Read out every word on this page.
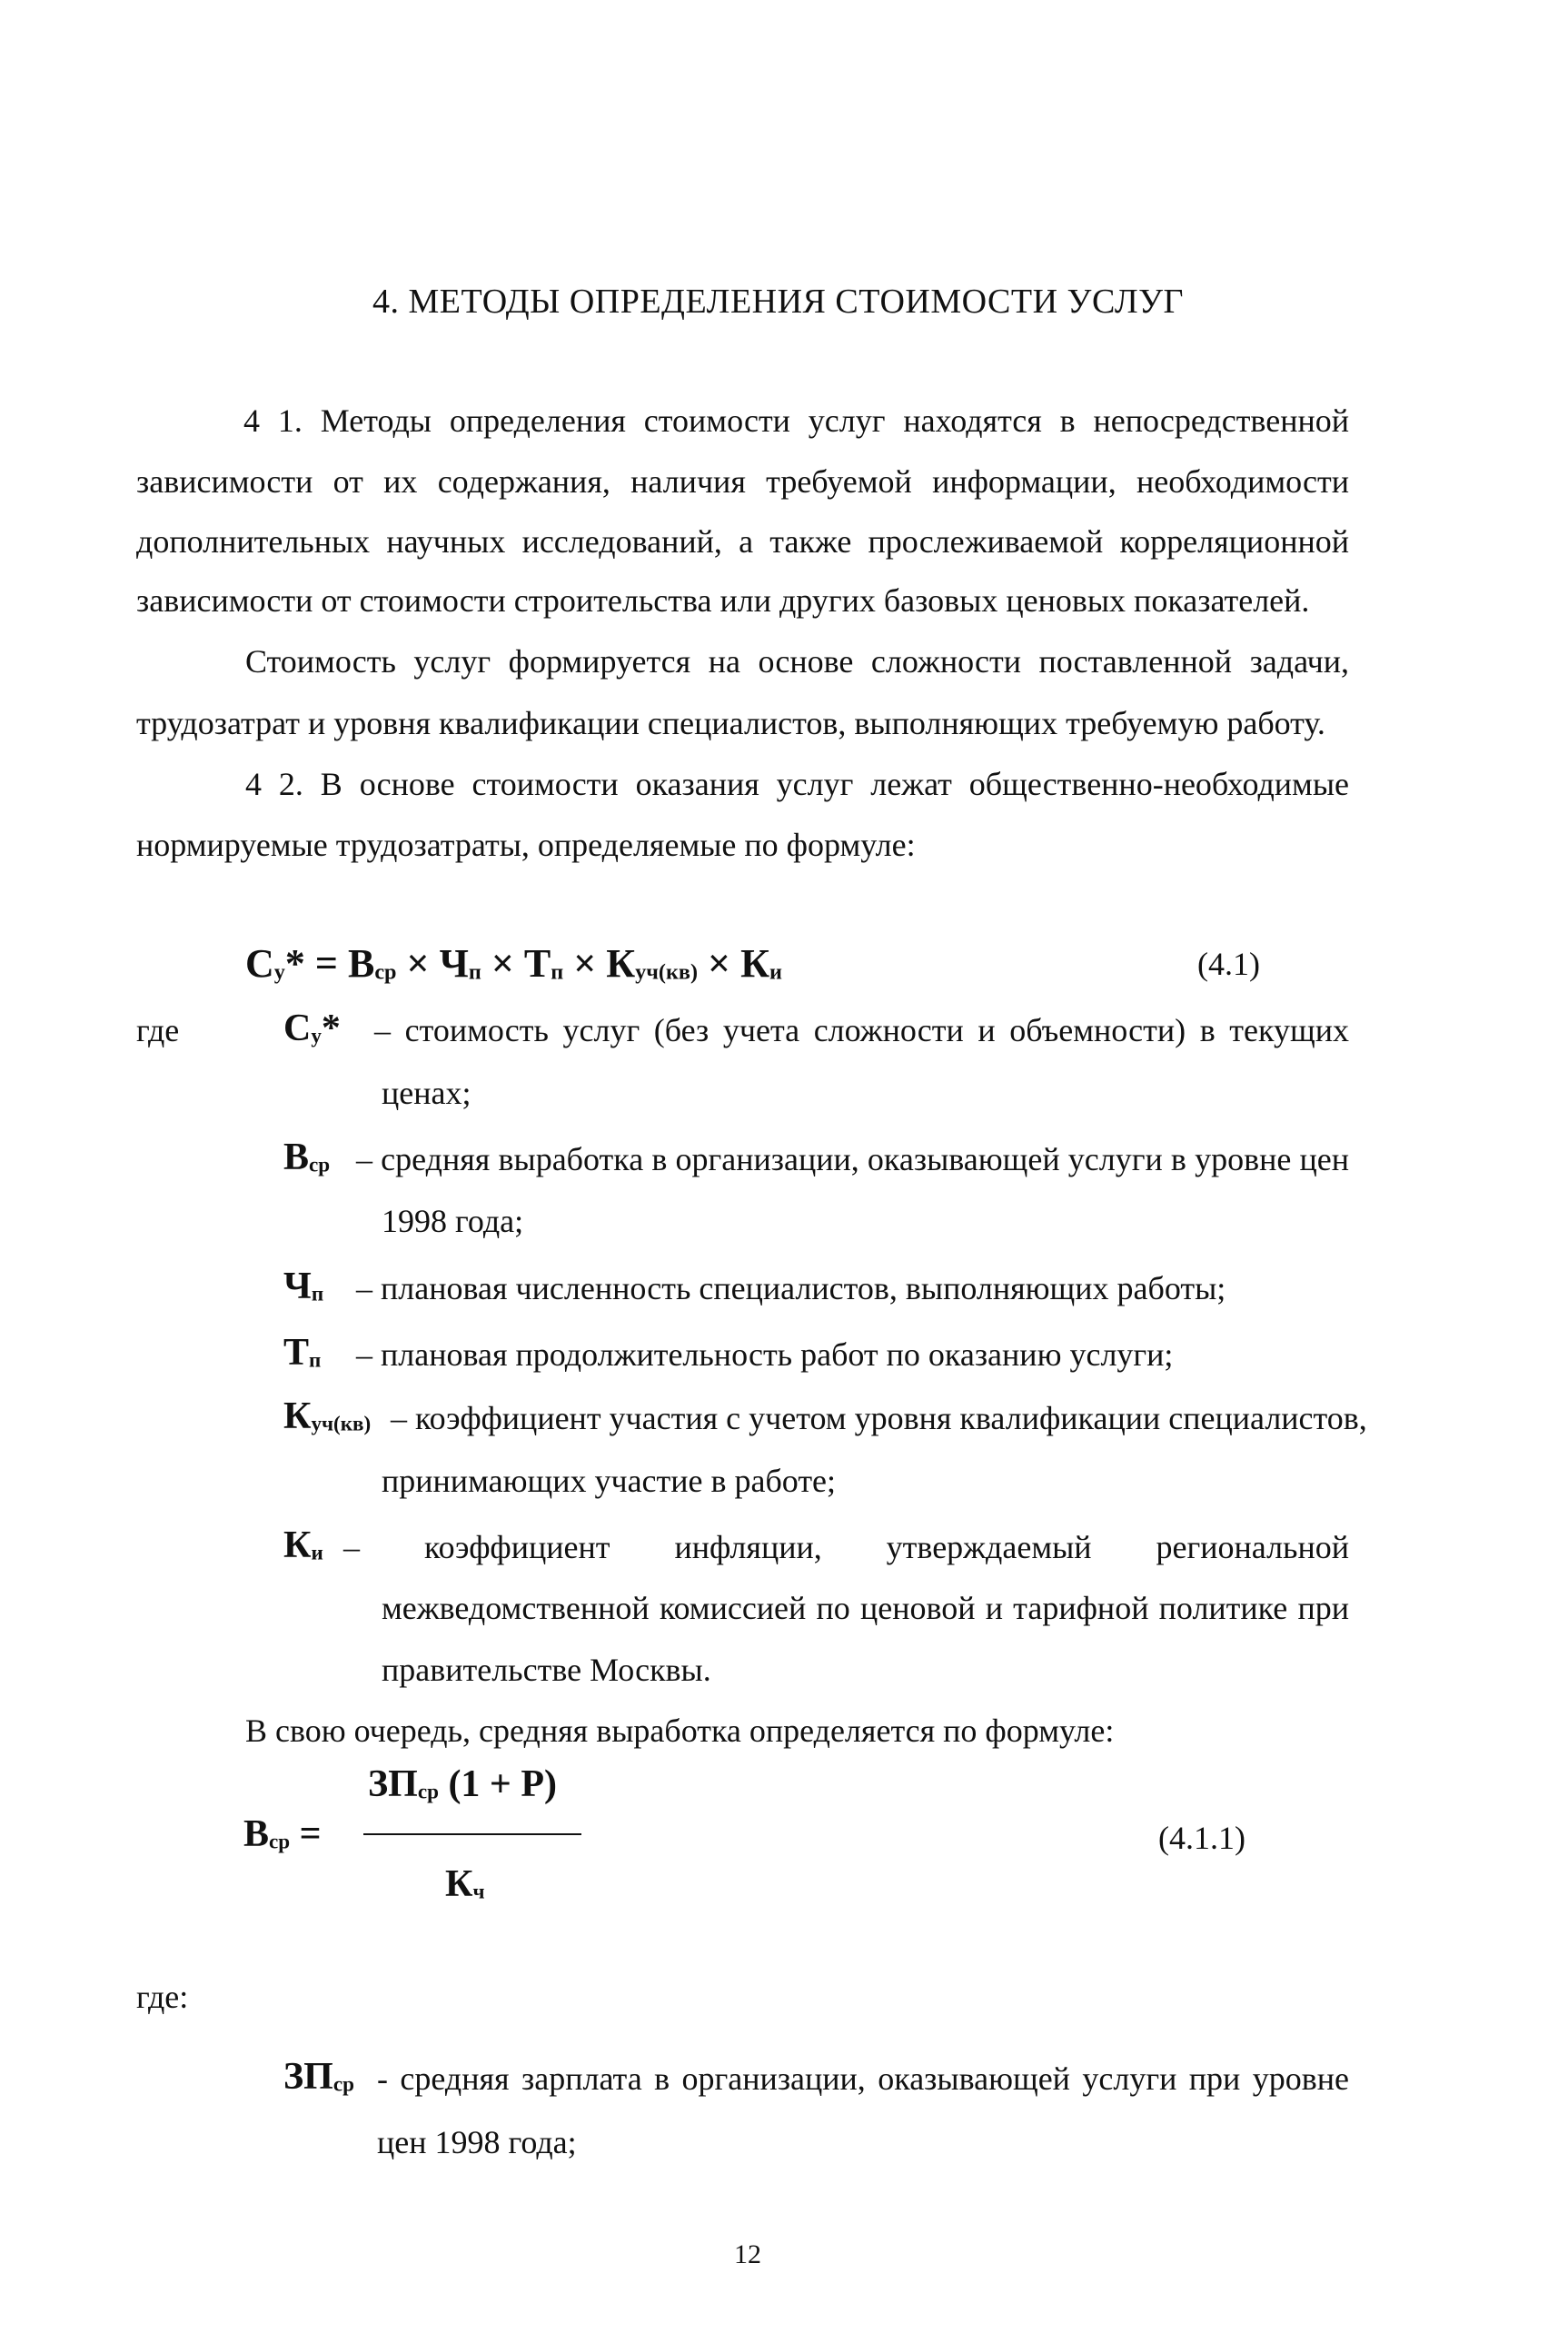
4. МЕТОДЫ ОПРЕДЕЛЕНИЯ СТОИМОСТИ УСЛУГ
4 1. Методы определения стоимости услуг находятся в непосредственной
зависимости от их содержания, наличия требуемой информации, необходимости
дополнительных научных исследований, а также прослеживаемой корреляционной
зависимости от стоимости строительства или других базовых ценовых показателей.
Стоимость услуг формируется на основе сложности поставленной задачи,
трудозатрат и уровня квалификации специалистов, выполняющих требуемую работу.
4 2. В основе стоимости оказания услуг лежат общественно-необходимые
нормируемые трудозатраты, определяемые по формуле:
$С_у* = В_{ср} \times Ч_п \times Т_п \times К_{уч(кв)} \times К_и$	(4.1)
где	$С_у*$ – стоимость услуг (без учета сложности и объемности) в текущих
ценах;
$В_{ср}$ – средняя выработка в организации, оказывающей услуги в уровне цен
1998 года;
$Ч_п$ – плановая численность специалистов, выполняющих работы;
$Т_п$ – плановая продолжительность работ по оказанию услуги;
$К_{уч(кв)}$ – коэффициент участия с учетом уровня квалификации специалистов,
принимающих участие в работе;
$К_и$ – коэффициент инфляции, утверждаемый региональной
межведомственной комиссией по ценовой и тарифной политике при
правительстве Москвы.
В свою очередь, средняя выработка определяется по формуле:
$В_{ср}$ =
$ЗП_{ср}$ (1 + Р)
$К_ч$
(4.1.1)
где:
$ЗП_{ср}$ - средняя зарплата в организации, оказывающей услуги при уровне
цен 1998 года;
12
